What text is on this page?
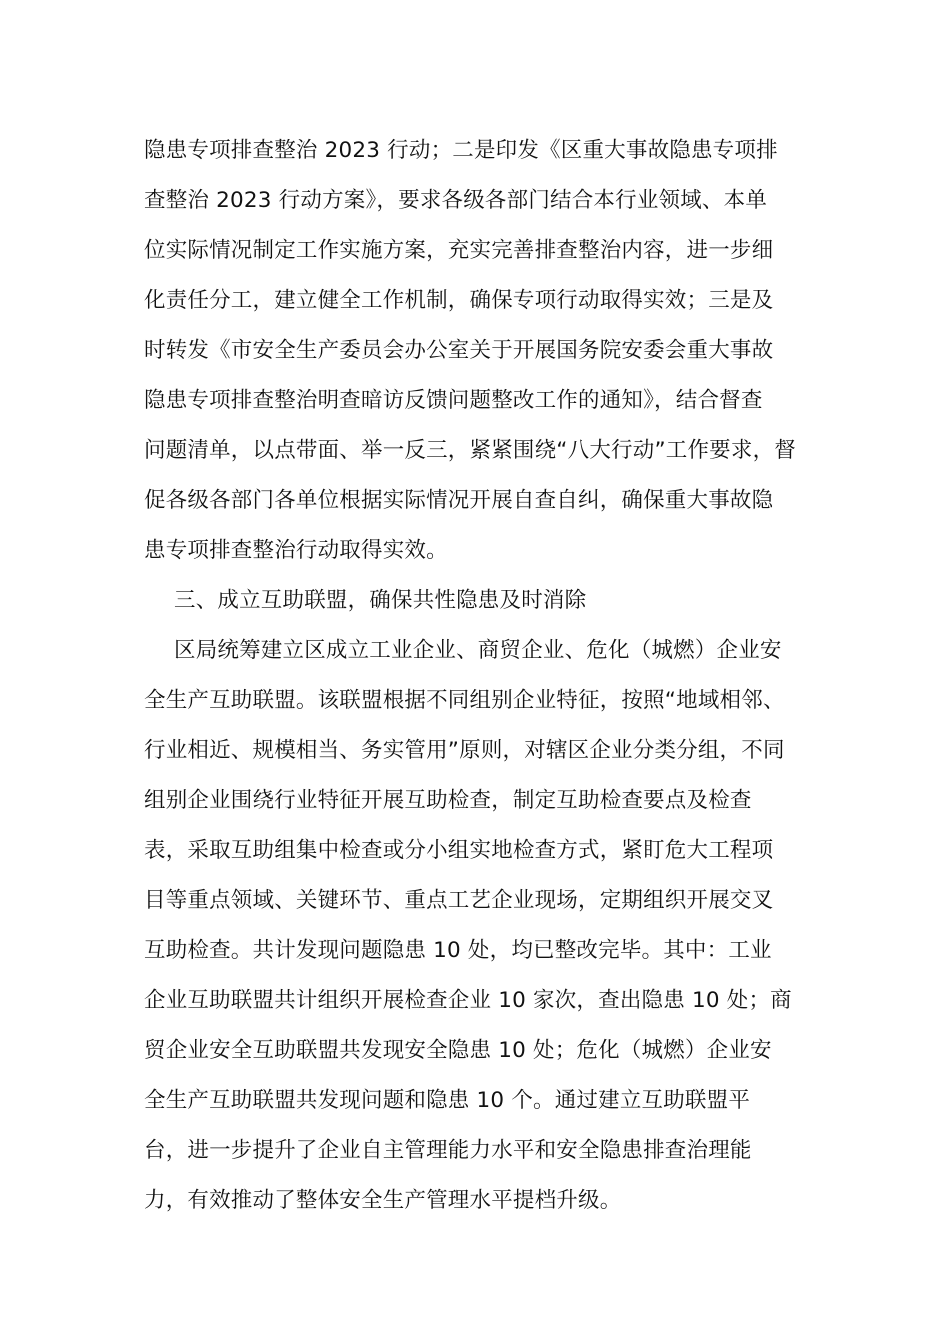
隐患专项排查整治 2023 行动；二是印发《区重大事故隐患专项排
查整治 2023 行动方案》，要求各级各部门结合本行业领域、本单
位实际情况制定工作实施方案，充实完善排查整治内容，进一步细
化责任分工，建立健全工作机制，确保专项行动取得实效；三是及
时转发《市安全生产委员会办公室关于开展国务院安委会重大事故
隐患专项排查整治明查暗访反馈问题整改工作的通知》，结合督查
问题清单，以点带面、举一反三，紧紧围绕“八大行动”工作要求，督
促各级各部门各单位根据实际情况开展自查自纠，确保重大事故隐
患专项排查整治行动取得实效。
三、成立互助联盟，确保共性隐患及时消除
区局统筹建立区成立工业企业、商贸企业、危化（城燃）企业安
全生产互助联盟。该联盟根据不同组别企业特征，按照“地域相邻、
行业相近、规模相当、务实管用”原则，对辖区企业分类分组，不同
组别企业围绕行业特征开展互助检查，制定互助检查要点及检查
表，采取互助组集中检查或分小组实地检查方式，紧盯危大工程项
目等重点领域、关键环节、重点工艺企业现场，定期组织开展交叉
互助检查。共计发现问题隐患 10 处，均已整改完毕。其中：工业
企业互助联盟共计组织开展检查企业 10 家次，查出隐患 10 处；商
贸企业安全互助联盟共发现安全隐患 10 处；危化（城燃）企业安
全生产互助联盟共发现问题和隐患 10 个。通过建立互助联盟平
台，进一步提升了企业自主管理能力水平和安全隐患排查治理能
力，有效推动了整体安全生产管理水平提档升级。
